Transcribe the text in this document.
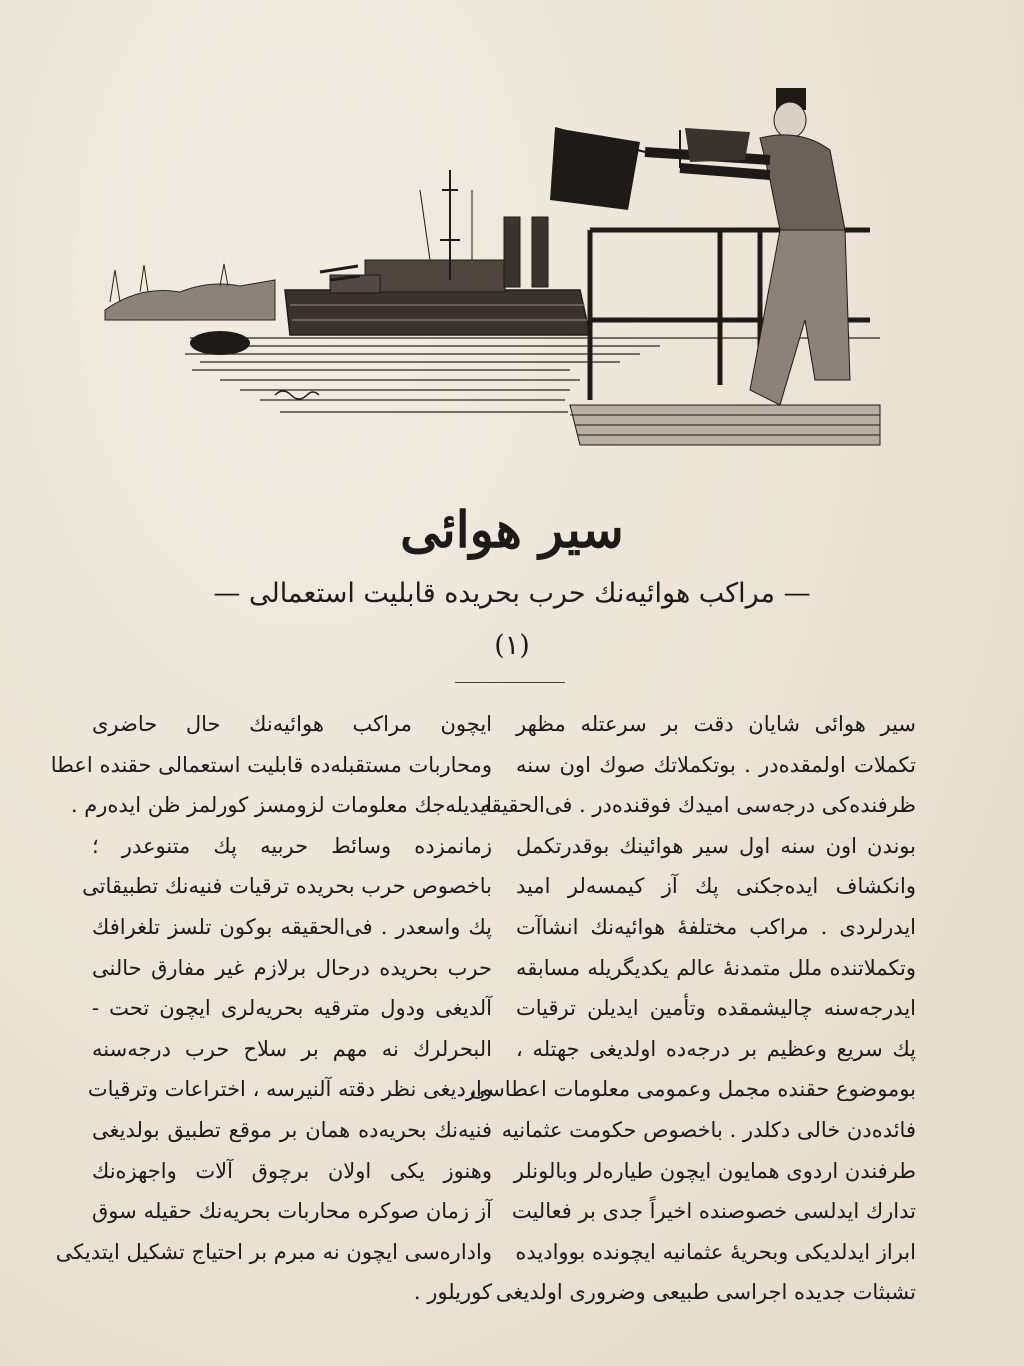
سیر هوائی
— مراکب هوائیه‌نك حرب بحریده قابلیت استعمالی —
(۱)
سیر هوائی شایان دقت بر سرعتله مظهر
تکملات اولمقده‌در . بوتکملاتك صوك اون سنه
ظرفنده‌کی درجه‌سی امیدك فوقنده‌در . فی‌الحقیقه
بوندن اون سنه اول سیر هوائینك بوقدرتکمل
وانکشاف ایده‌جکنی پك آز کیمسه‌لر امید
ایدرلردی . مراکب مختلفهٔ هوائیه‌نك انشاآت
وتکملاتنده ملل متمدنهٔ عالم یکدیگریله مسابقه
ایدرجه‌سنه چالیشمقده وتأمین ایدیلن ترقیات
پك سریع وعظیم بر درجه‌ده اولدیغی جهتله ،
بوموضوع حقنده مجمل وعمومی معلومات اعطاسی
فائده‌دن خالی دکلدر . باخصوص حکومت عثمانیه
طرفندن اردوی همایون ایچون طیاره‌لر وبالونلر
تدارك ایدلسی خصوصنده اخیراً جدی بر فعالیت
ابراز ایدلدیکی وبحریهٔ عثمانیه ایچونده بووادیده
تشبثات جدیده اجراسی طبیعی وضروری اولدیغی
ایچون مراکب هوائیه‌نك حال حاضری
ومحاربات مستقبله‌ده قابلیت استعمالی حقنده اعطا
ایدیله‌جك معلومات لزومسز کورلمز ظن ایده‌رم .
زمانمزده وسائط حربیه پك متنوعدر ؛
باخصوص حرب بحریده ترقیات فنیه‌نك تطبیقاتی
پك واسعدر . فی‌الحقیقه بوکون تلسز تلغرافك
حرب بحریده درحال برلازم غیر مفارق حالنی
آلدیغی ودول مترقیه بحریه‌لری ایچون تحت -
البحرلرك نه مهم بر سلاح حرب درجه‌سنه
واردیغی نظر دقته آلنیرسه ، اختراعات وترقیات
فنیه‌نك بحریه‌ده همان بر موقع تطبیق بولدیغی
وهنوز یکی اولان برچوق آلات واجهزه‌نك
آز زمان صوکره محاربات بحریه‌نك حقیله سوق
واداره‌سی ایچون نه مبرم بر احتیاج تشکیل ایتدیکی
کوریلور .
